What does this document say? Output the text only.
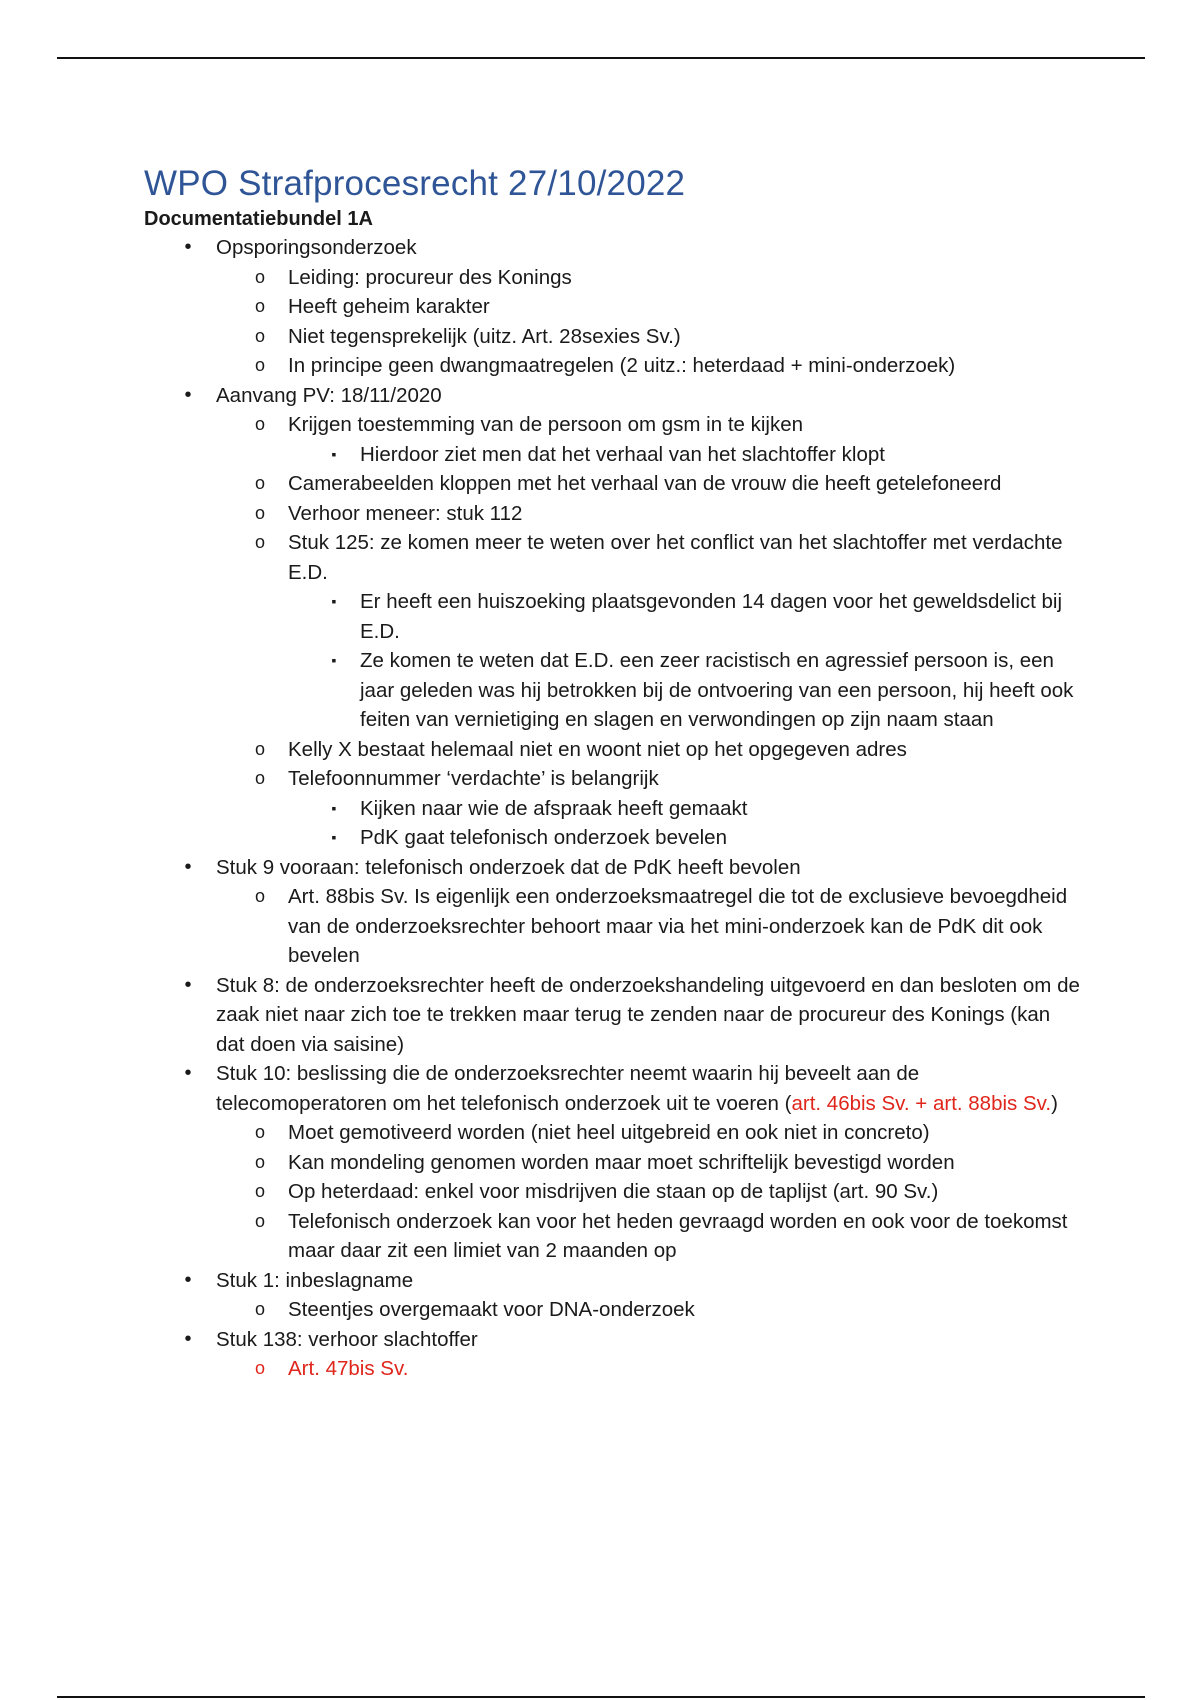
WPO Strafprocesrecht 27/10/2022

Documentatiebundel 1A

•	Opsporingsonderzoek
o Leiding: procureur des Konings
o Heeft geheim karakter
o Niet tegensprekelijk (uitz. Art. 28sexies Sv.)
o In principe geen dwangmaatregelen (2 uitz.: heterdaad + mini-onderzoek)
•	Aanvang PV: 18/11/2020
o Krijgen toestemming van de persoon om gsm in te kijken
▪	Hierdoor ziet men dat het verhaal van het slachtoffer klopt
o Camerabeelden kloppen met het verhaal van de vrouw die heeft getelefoneerd
o Verhoor meneer: stuk 112
o Stuk 125: ze komen meer te weten over het conflict van het slachtoffer met verdachte E.D.
▪	Er heeft een huiszoeking plaatsgevonden 14 dagen voor het geweldsdelict bij E.D.
▪	Ze komen te weten dat E.D. een zeer racistisch en agressief persoon is, een jaar geleden was hij betrokken bij de ontvoering van een persoon, hij heeft ook feiten van vernietiging en slagen en verwondingen op zijn naam staan
o Kelly X bestaat helemaal niet en woont niet op het opgegeven adres
o Telefoonnummer ‘verdachte’ is belangrijk
▪	Kijken naar wie de afspraak heeft gemaakt
▪	PdK gaat telefonisch onderzoek bevelen
•	Stuk 9 vooraan: telefonisch onderzoek dat de PdK heeft bevolen
o Art. 88bis Sv. Is eigenlijk een onderzoeksmaatregel die tot de exclusieve bevoegdheid van de onderzoeksrechter behoort maar via het mini-onderzoek kan de PdK dit ook bevelen
•	Stuk 8: de onderzoeksrechter heeft de onderzoekshandeling uitgevoerd en dan besloten om de zaak niet naar zich toe te trekken maar terug te zenden naar de procureur des Konings (kan dat doen via saisine)
•	Stuk 10: beslissing die de onderzoeksrechter neemt waarin hij beveelt aan de telecomoperatoren om het telefonisch onderzoek uit te voeren (art. 46bis Sv. + art. 88bis Sv.)
o Moet gemotiveerd worden (niet heel uitgebreid en ook niet in concreto)
o Kan mondeling genomen worden maar moet schriftelijk bevestigd worden
o Op heterdaad: enkel voor misdrijven die staan op de taplijst (art. 90 Sv.)
o Telefonisch onderzoek kan voor het heden gevraagd worden en ook voor de toekomst maar daar zit een limiet van 2 maanden op
•	Stuk 1: inbeslagname
o Steentjes overgemaakt voor DNA-onderzoek
•	Stuk 138: verhoor slachtoffer
o Art. 47bis Sv.
